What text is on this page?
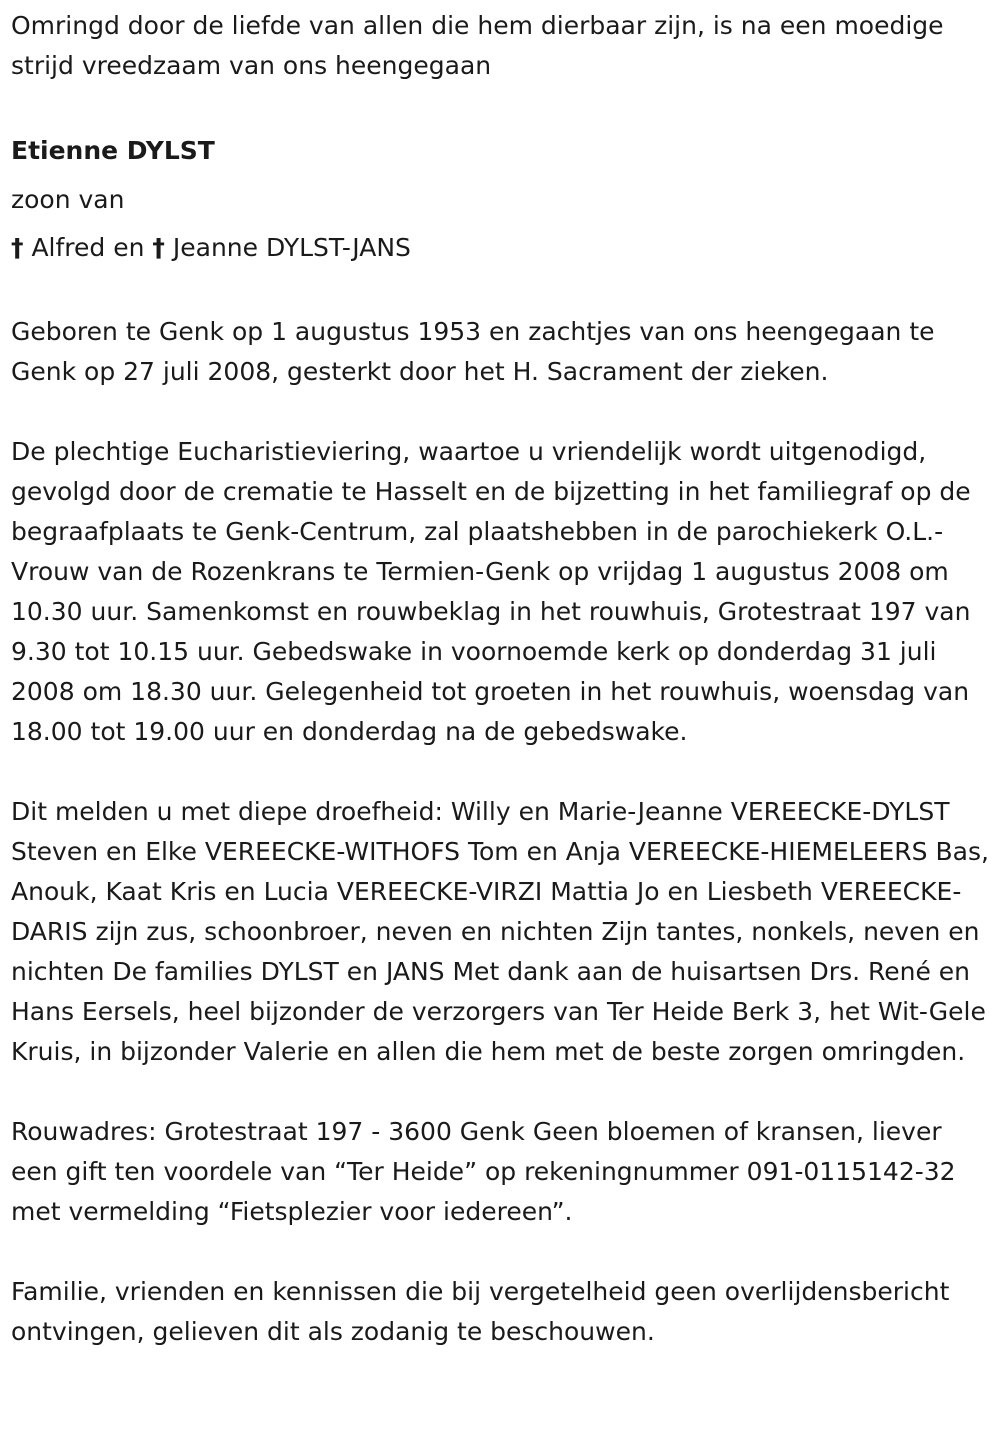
Omringd door de liefde van allen die hem dierbaar zijn, is na een moedige strijd vreedzaam van ons heengegaan

Etienne DYLST

zoon van

† Alfred en † Jeanne DYLST-JANS

Geboren te Genk op 1 augustus 1953 en zachtjes van ons heengegaan te Genk op 27 juli 2008, gesterkt door het H. Sacrament der zieken.

De plechtige Eucharistieviering, waartoe u vriendelijk wordt uitgenodigd, gevolgd door de crematie te Hasselt en de bijzetting in het familiegraf op de begraafplaats te Genk-Centrum, zal plaatshebben in de parochiekerk O.L.- Vrouw van de Rozenkrans te Termien-Genk op vrijdag 1 augustus 2008 om 10.30 uur. Samenkomst en rouwbeklag in het rouwhuis, Grotestraat 197 van 9.30 tot 10.15 uur. Gebedswake in voornoemde kerk op donderdag 31 juli 2008 om 18.30 uur. Gelegenheid tot groeten in het rouwhuis, woensdag van 18.00 tot 19.00 uur en donderdag na de gebedswake.

Dit melden u met diepe droefheid: Willy en Marie-Jeanne VEREECKE-DYLST Steven en Elke VEREECKE-WITHOFS Tom en Anja VEREECKE-HIEMELEERS Bas, Anouk, Kaat Kris en Lucia VEREECKE-VIRZI Mattia Jo en Liesbeth VEREECKE-DARIS zijn zus, schoonbroer, neven en nichten Zijn tantes, nonkels, neven en nichten De families DYLST en JANS Met dank aan de huisartsen Drs. René en Hans Eersels, heel bijzonder de verzorgers van Ter Heide Berk 3, het Wit-Gele Kruis, in bijzonder Valerie en allen die hem met de beste zorgen omringden.

Rouwadres: Grotestraat 197 - 3600 Genk Geen bloemen of kransen, liever een gift ten voordele van “Ter Heide” op rekeningnummer 091-0115142-32 met vermelding “Fietsplezier voor iedereen”.

Familie, vrienden en kennissen die bij vergetelheid geen overlijdensbericht ontvingen, gelieven dit als zodanig te beschouwen.
